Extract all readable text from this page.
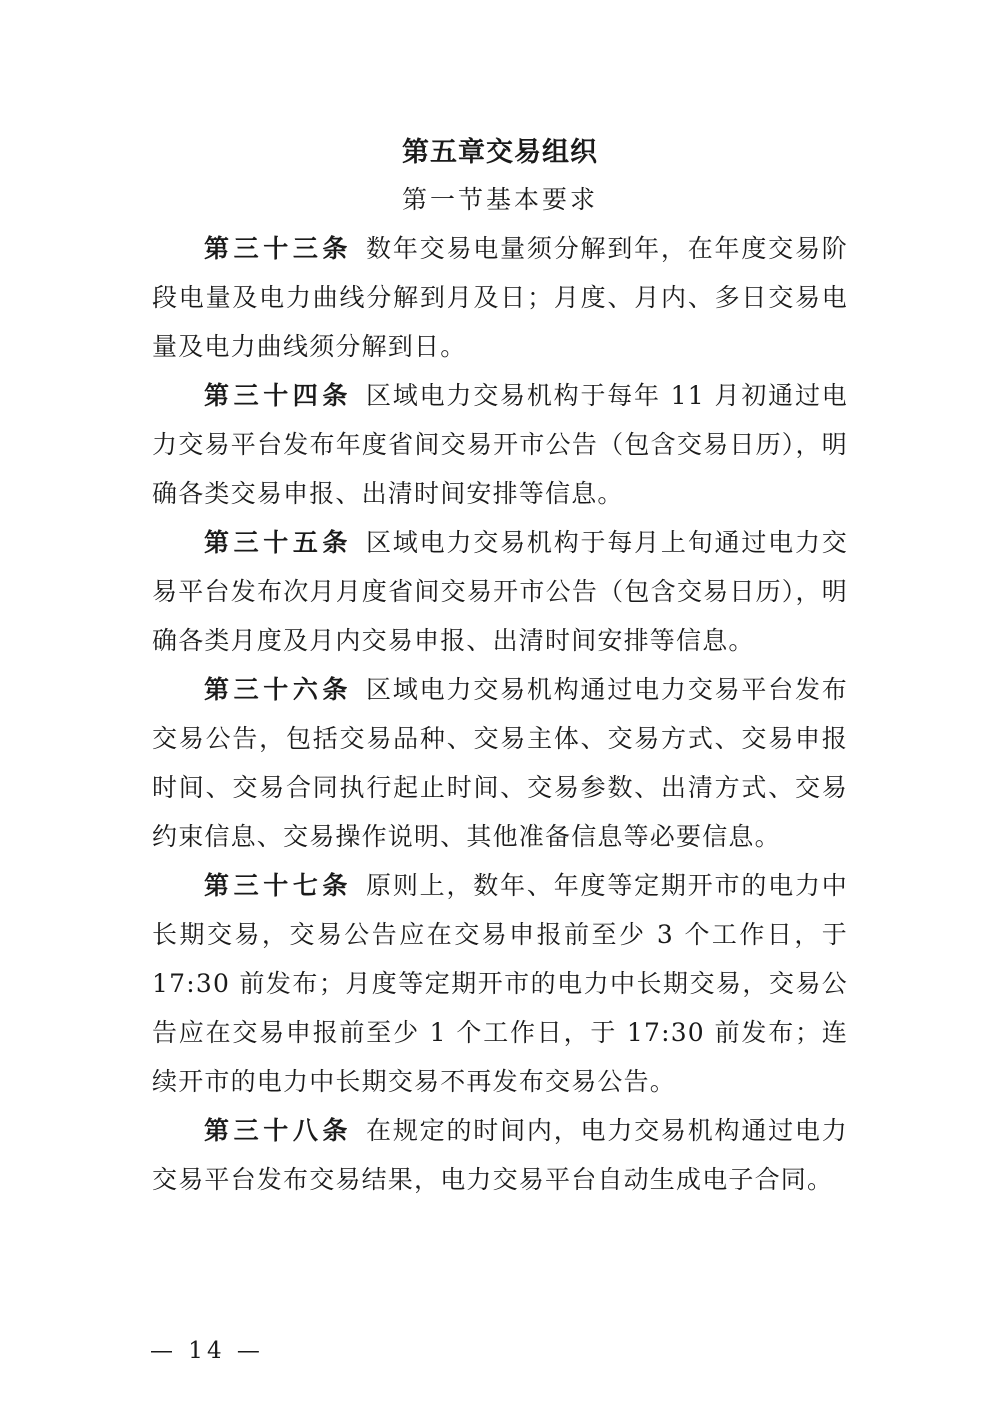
第五章交易组织
第一节基本要求

第三十三条 数年交易电量须分解到年，在年度交易阶段电量及电力曲线分解到月及日；月度、月内、多日交易电量及电力曲线须分解到日。

第三十四条 区域电力交易机构于每年 11 月初通过电力交易平台发布年度省间交易开市公告（包含交易日历），明确各类交易申报、出清时间安排等信息。

第三十五条 区域电力交易机构于每月上旬通过电力交易平台发布次月月度省间交易开市公告（包含交易日历），明确各类月度及月内交易申报、出清时间安排等信息。

第三十六条 区域电力交易机构通过电力交易平台发布交易公告，包括交易品种、交易主体、交易方式、交易申报时间、交易合同执行起止时间、交易参数、出清方式、交易约束信息、交易操作说明、其他准备信息等必要信息。

第三十七条 原则上，数年、年度等定期开市的电力中长期交易，交易公告应在交易申报前至少 3 个工作日，于 17:30 前发布；月度等定期开市的电力中长期交易，交易公告应在交易申报前至少 1 个工作日，于 17:30 前发布；连续开市的电力中长期交易不再发布交易公告。

第三十八条 在规定的时间内，电力交易机构通过电力交易平台发布交易结果，电力交易平台自动生成电子合同。

— 14 —
